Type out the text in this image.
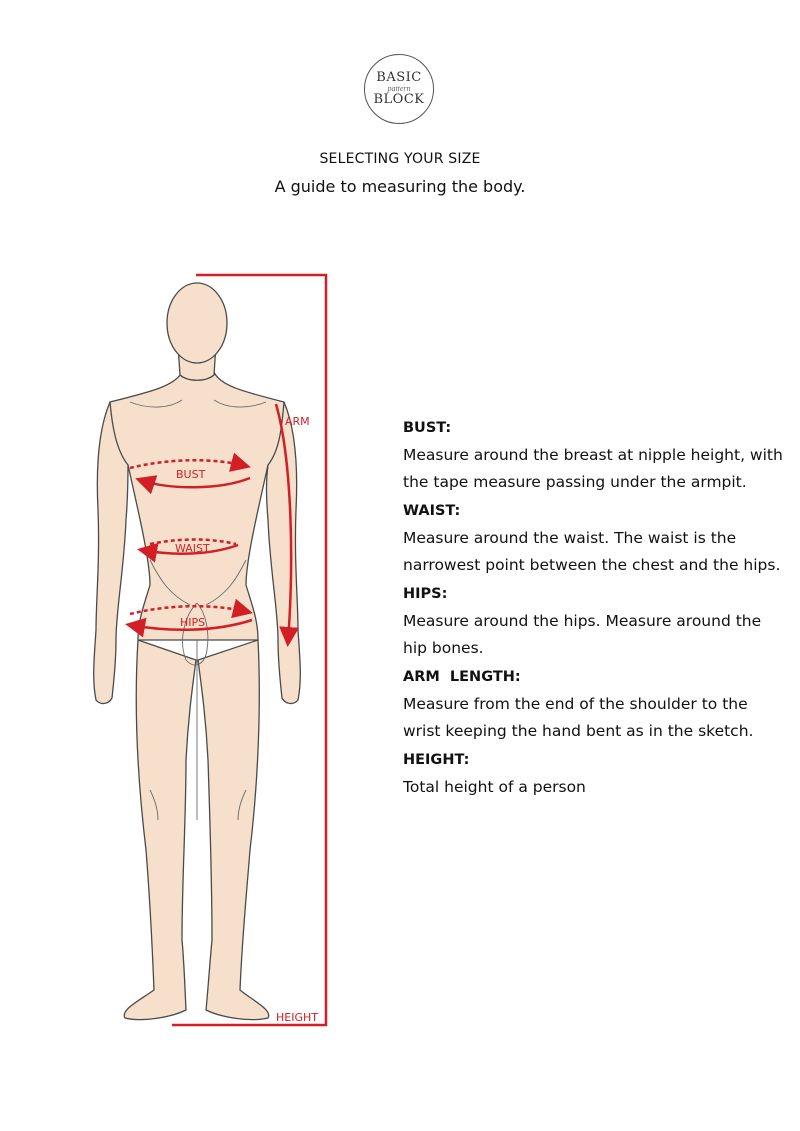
BASIC
pattern
BLOCK
SELECTING YOUR SIZE
A guide to measuring the body.
ARM
BUST
WAIST
HIPS
HEIGHT
BUST:
Measure around the breast at nipple height, with the tape measure passing under the armpit.
WAIST:
Measure around the waist. The waist is the narrowest point between the chest and the hips.
HIPS:
Measure around the hips. Measure around the hip bones.
ARM  LENGTH:
Measure from the end of the shoulder to the wrist keeping the hand bent as in the sketch.
HEIGHT:
Total height of a person
